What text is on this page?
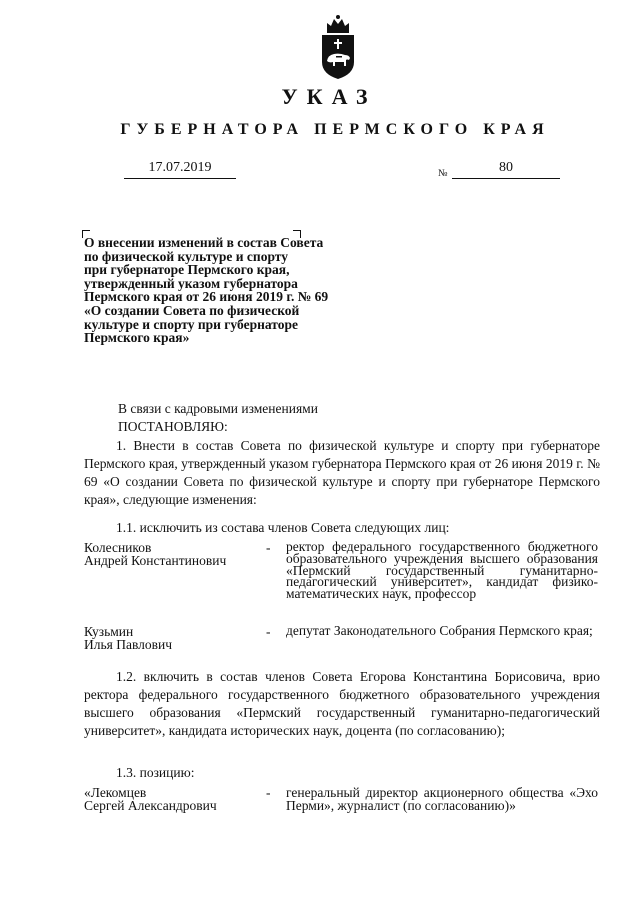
УКАЗ
ГУБЕРНАТОРА ПЕРМСКОГО КРАЯ
17.07.2019	№	80
О внесении изменений в состав Совета
по физической культуре и спорту
при губернаторе Пермского края,
утвержденный указом губернатора
Пермского края от 26 июня 2019 г. № 69
«О создании Совета по физической
культуре и спорту при губернаторе
Пермского края»
В связи с кадровыми изменениями
ПОСТАНОВЛЯЮ:
1. Внести в состав Совета по физической культуре и спорту при губернаторе Пермского края, утвержденный указом губернатора Пермского края от 26 июня 2019 г. № 69 «О создании Совета по физической культуре и спорту при губернаторе Пермского края», следующие изменения:
1.1. исключить из состава членов Совета следующих лиц:
Колесников
Андрей Константинович
- ректор федерального государственного бюджетного образовательного учреждения высшего образования «Пермский государственный гуманитарно-педагогический университет», кандидат физико-математических наук, профессор
Кузьмин
Илья Павлович
- депутат Законодательного Собрания Пермского края;
1.2. включить в состав членов Совета Егорова Константина Борисовича, врио ректора федерального государственного бюджетного образовательного учреждения высшего образования «Пермский государственный гуманитарно-педагогический университет», кандидата исторических наук, доцента (по согласованию);
1.3. позицию:
«Лекомцев
Сергей Александрович
- генеральный директор акционерного общества «Эхо Перми», журналист (по согласованию)»
